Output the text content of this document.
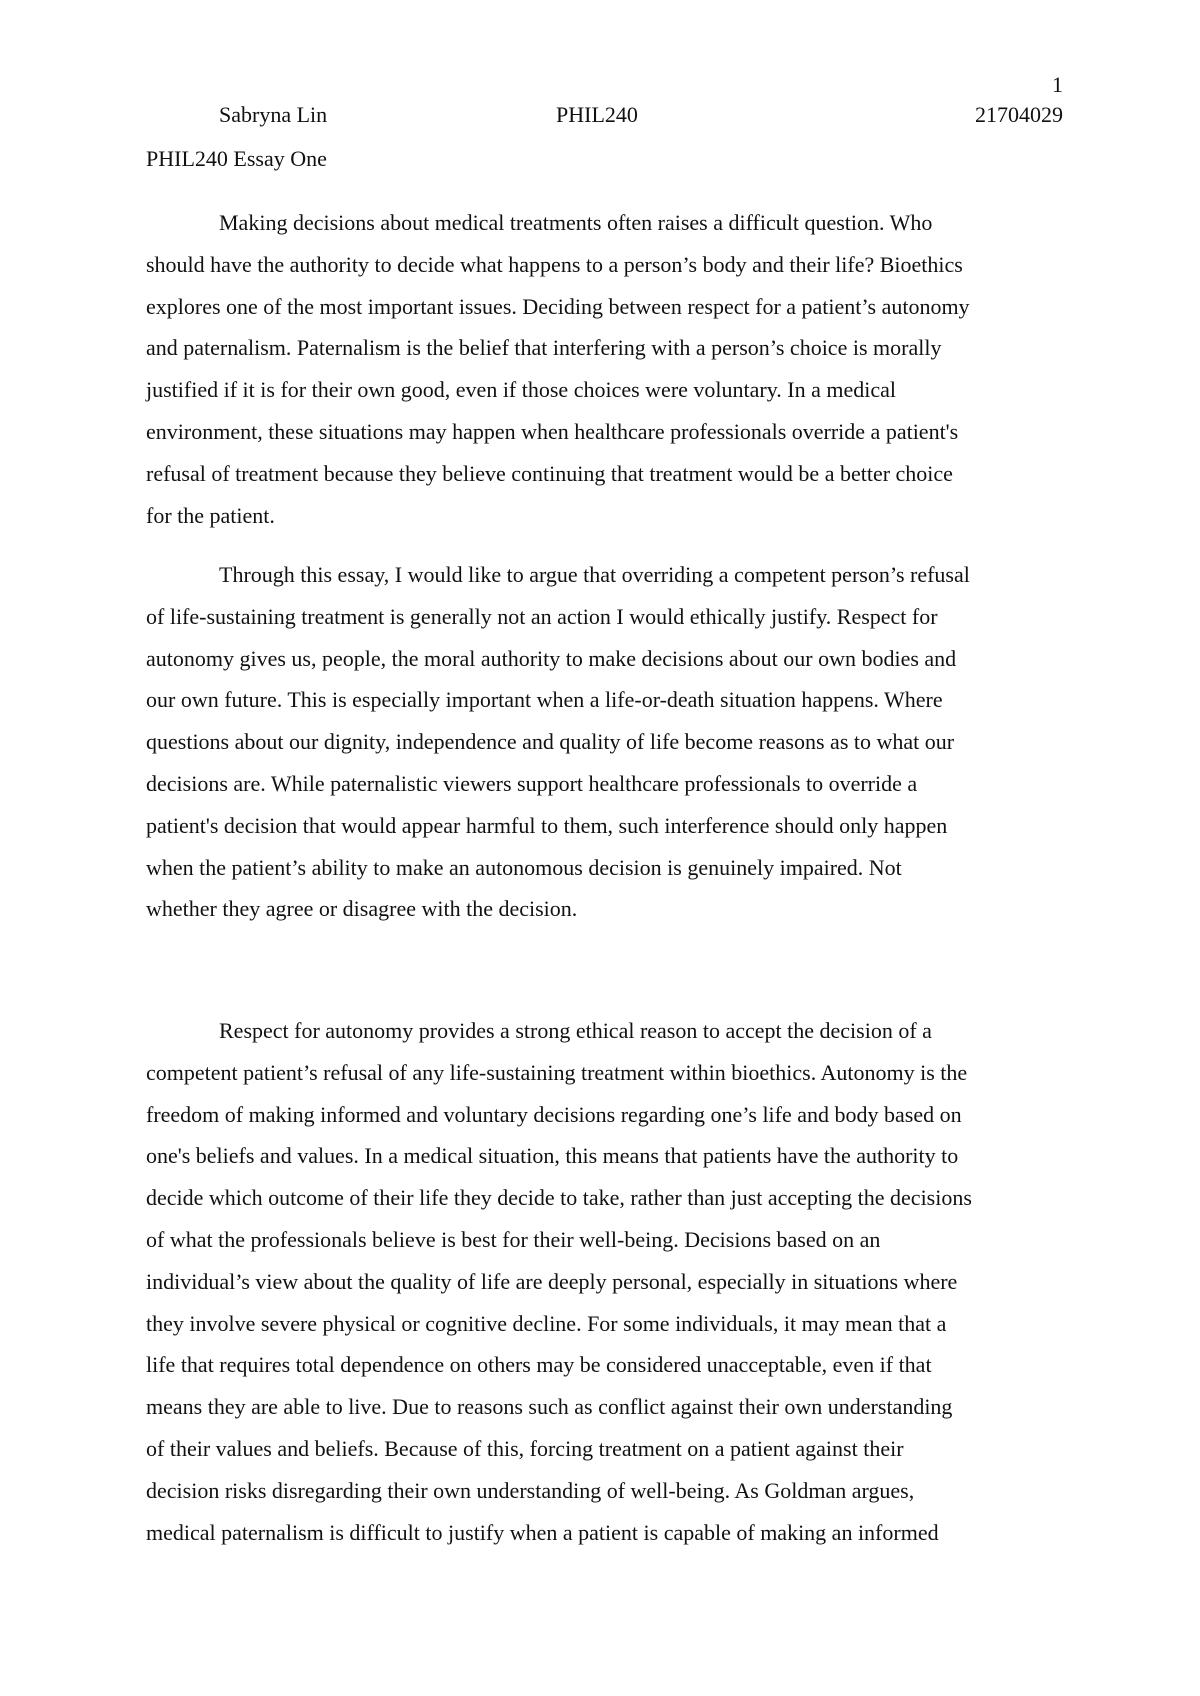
1
Sabryna Lin	PHIL240	21704029
PHIL240 Essay One
Making decisions about medical treatments often raises a difficult question. Who
should have the authority to decide what happens to a person’s body and their life? Bioethics
explores one of the most important issues. Deciding between respect for a patient’s autonomy
and paternalism. Paternalism is the belief that interfering with a person’s choice is morally
justified if it is for their own good, even if those choices were voluntary. In a medical
environment, these situations may happen when healthcare professionals override a patient's
refusal of treatment because they believe continuing that treatment would be a better choice
for the patient.
Through this essay, I would like to argue that overriding a competent person’s refusal
of life-sustaining treatment is generally not an action I would ethically justify. Respect for
autonomy gives us, people, the moral authority to make decisions about our own bodies and
our own future. This is especially important when a life-or-death situation happens. Where
questions about our dignity, independence and quality of life become reasons as to what our
decisions are. While paternalistic viewers support healthcare professionals to override a
patient's decision that would appear harmful to them, such interference should only happen
when the patient’s ability to make an autonomous decision is genuinely impaired. Not
whether they agree or disagree with the decision.
Respect for autonomy provides a strong ethical reason to accept the decision of a
competent patient’s refusal of any life-sustaining treatment within bioethics. Autonomy is the
freedom of making informed and voluntary decisions regarding one’s life and body based on
one's beliefs and values. In a medical situation, this means that patients have the authority to
decide which outcome of their life they decide to take, rather than just accepting the decisions
of what the professionals believe is best for their well-being. Decisions based on an
individual’s view about the quality of life are deeply personal, especially in situations where
they involve severe physical or cognitive decline. For some individuals, it may mean that a
life that requires total dependence on others may be considered unacceptable, even if that
means they are able to live. Due to reasons such as conflict against their own understanding
of their values and beliefs. Because of this, forcing treatment on a patient against their
decision risks disregarding their own understanding of well-being. As Goldman argues,
medical paternalism is difficult to justify when a patient is capable of making an informed
